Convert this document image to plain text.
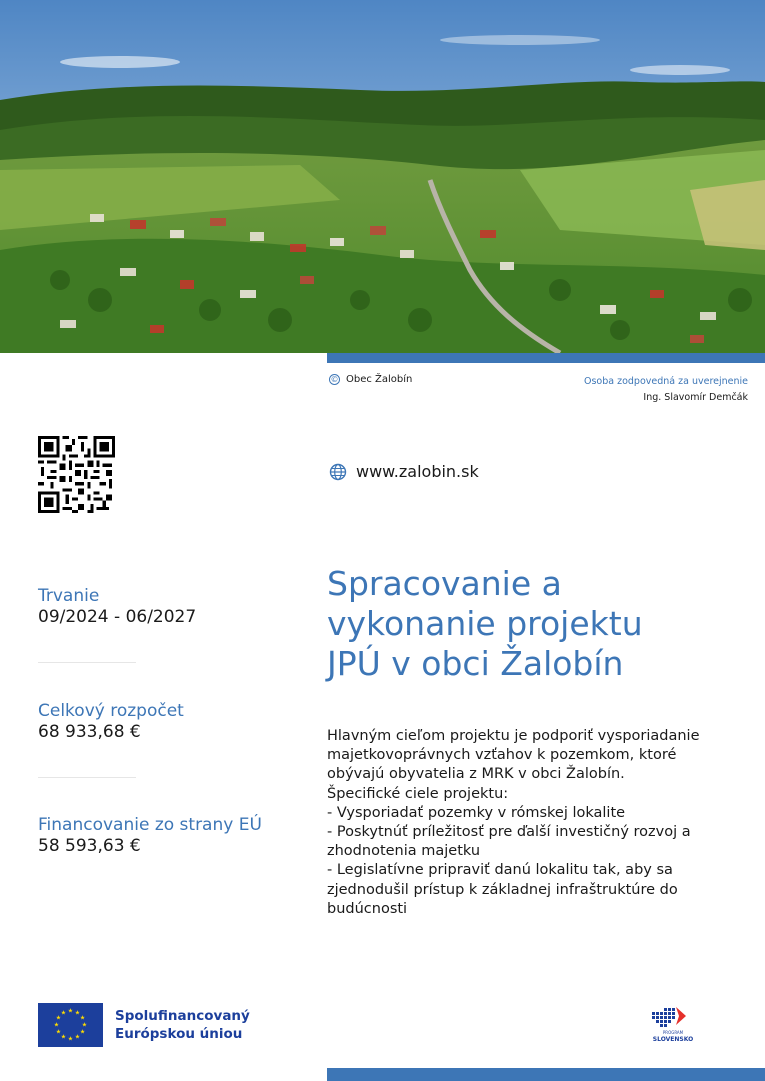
© Obec Žalobín	Osoba zodpovedná za uverejnenie
Ing. Slavomír Demčák
www.zalobin.sk
Trvanie
09/2024 - 06/2027
Celkový rozpočet
68 933,68 €
Financovanie zo strany EÚ
58 593,63 €
Spracovanie a
vykonanie projektu
JPÚ v obci Žalobín
Hlavným cieľom projektu je podporiť vysporiadanie
majetkovoprávnych vzťahov k pozemkom, ktoré
obývajú obyvatelia z MRK v obci Žalobín.
Špecifické ciele projektu:
- Vysporiadať pozemky v rómskej lokalite
- Poskytnúť príležitosť pre ďalší investičný rozvoj a
zhodnotenia majetku
- Legislatívne pripraviť danú lokalitu tak, aby sa
zjednodušil prístup k základnej infraštruktúre do
budúcnosti
★ ★
★
★
★
★
★
★
★
★
★
★	Spolufinancovaný
Európskou úniou	PROGRAM
SLOVENSKO
